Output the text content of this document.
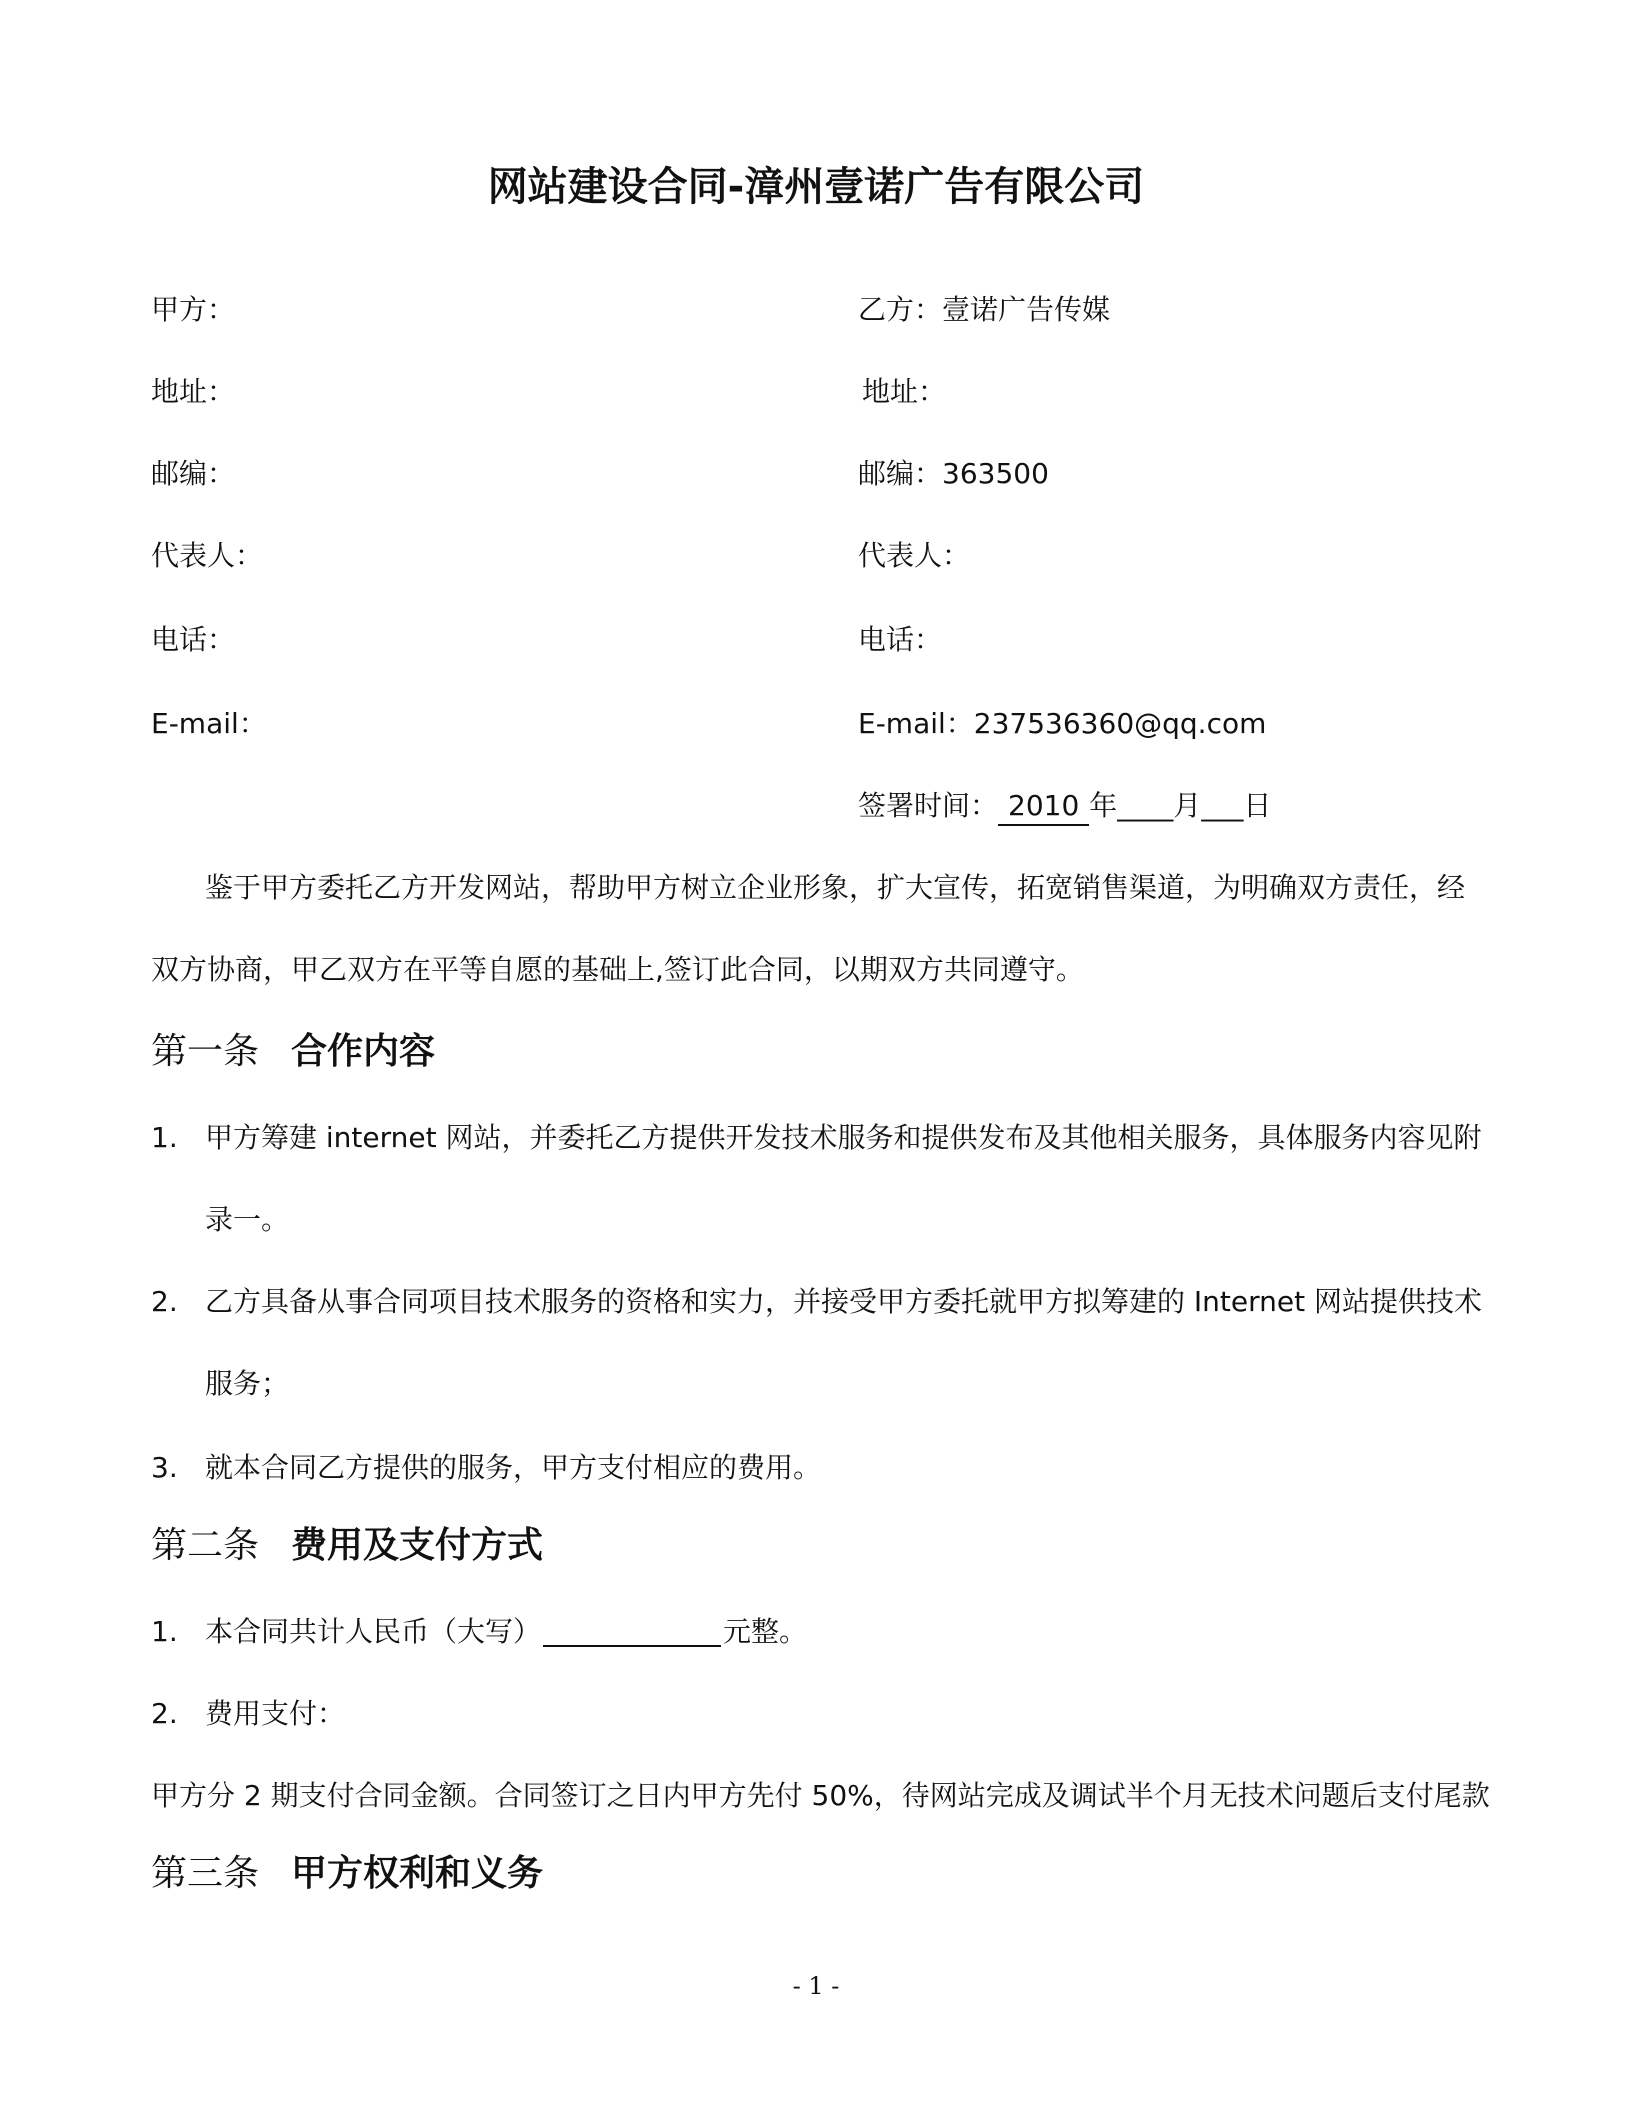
网站建设合同-漳州壹诺广告有限公司
甲方：
地址：
邮编：
代表人：
电话：
E-mail：
乙方：壹诺广告传媒
地址：
邮编：363500
代表人：
电话：
E-mail：237536360@qq.com
签署时间： 2010 年____月___日
鉴于甲方委托乙方开发网站，帮助甲方树立企业形象，扩大宣传，拓宽销售渠道，为明确双方责任，经
双方协商，甲乙双方在平等自愿的基础上,签订此合同，以期双方共同遵守。
第一条 合作内容
1. 甲方筹建 internet 网站，并委托乙方提供开发技术服务和提供发布及其他相关服务，具体服务内容见附
录一。
2. 乙方具备从事合同项目技术服务的资格和实力，并接受甲方委托就甲方拟筹建的 Internet 网站提供技术
服务；
3. 就本合同乙方提供的服务，甲方支付相应的费用。
第二条 费用及支付方式
1. 本合同共计人民币（大写）	元整。
2. 费用支付：
甲方分 2 期支付合同金额。合同签订之日内甲方先付 50%，待网站完成及调试半个月无技术问题后支付尾款
第三条 甲方权利和义务
- 1 -
